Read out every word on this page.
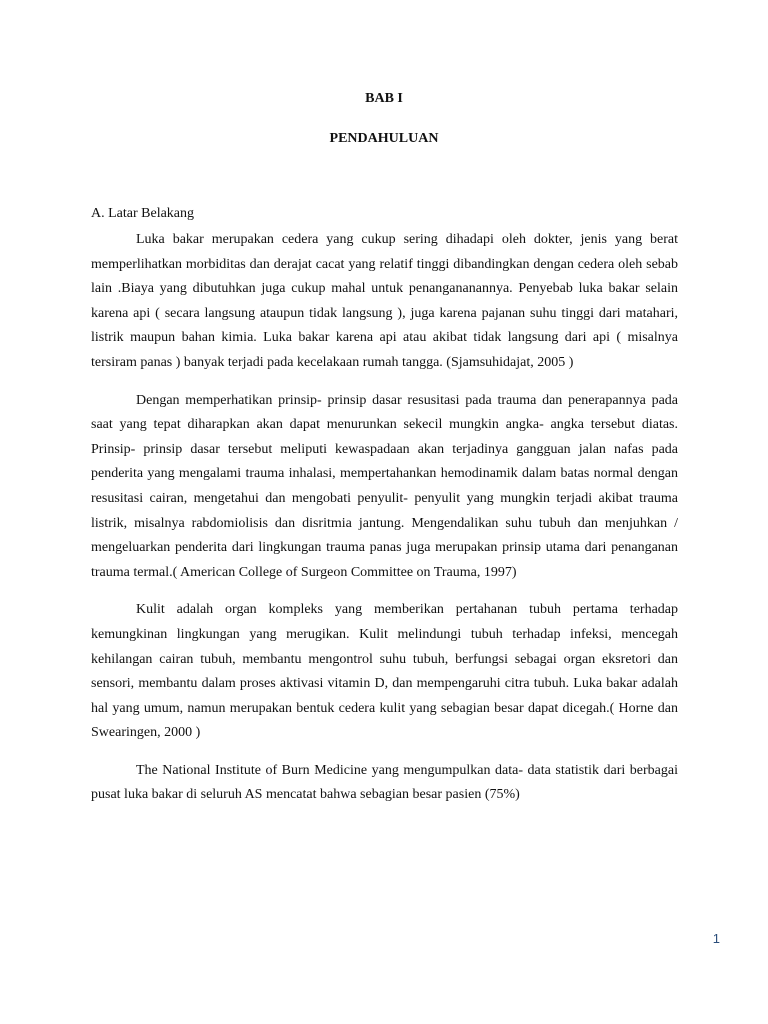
BAB I
PENDAHULUAN

A. Latar Belakang

Luka bakar merupakan cedera yang cukup sering dihadapi oleh dokter, jenis yang berat memperlihatkan morbiditas dan derajat cacat yang relatif tinggi dibandingkan dengan cedera oleh sebab lain .Biaya yang dibutuhkan juga cukup mahal untuk penangananannya. Penyebab luka bakar selain karena api ( secara langsung ataupun tidak langsung ), juga karena pajanan suhu tinggi dari matahari, listrik maupun bahan kimia. Luka bakar karena api atau akibat tidak langsung dari api ( misalnya tersiram panas ) banyak terjadi pada kecelakaan rumah tangga. (Sjamsuhidajat, 2005 )

Dengan memperhatikan prinsip- prinsip dasar resusitasi pada trauma dan penerapannya pada saat yang tepat diharapkan akan dapat menurunkan sekecil mungkin angka- angka tersebut diatas. Prinsip- prinsip dasar tersebut meliputi kewaspadaan akan terjadinya gangguan jalan nafas pada penderita yang mengalami trauma inhalasi, mempertahankan hemodinamik dalam batas normal dengan resusitasi cairan, mengetahui dan mengobati penyulit- penyulit yang mungkin terjadi akibat trauma listrik, misalnya rabdomiolisis dan disritmia jantung. Mengendalikan suhu tubuh dan menjuhkan / mengeluarkan penderita dari lingkungan trauma panas juga merupakan prinsip utama dari penanganan trauma termal.( American College of Surgeon Committee on Trauma, 1997)

Kulit adalah organ kompleks yang memberikan pertahanan tubuh pertama terhadap kemungkinan lingkungan yang merugikan. Kulit melindungi tubuh terhadap infeksi, mencegah kehilangan cairan tubuh, membantu mengontrol suhu tubuh, berfungsi sebagai organ eksretori dan sensori, membantu dalam proses aktivasi vitamin D, dan mempengaruhi citra tubuh. Luka bakar adalah hal yang umum, namun merupakan bentuk cedera kulit yang sebagian besar dapat dicegah.( Horne dan Swearingen, 2000 )

The National Institute of Burn Medicine yang mengumpulkan data- data statistik dari berbagai pusat luka bakar di seluruh AS mencatat bahwa sebagian besar pasien (75%)

1
